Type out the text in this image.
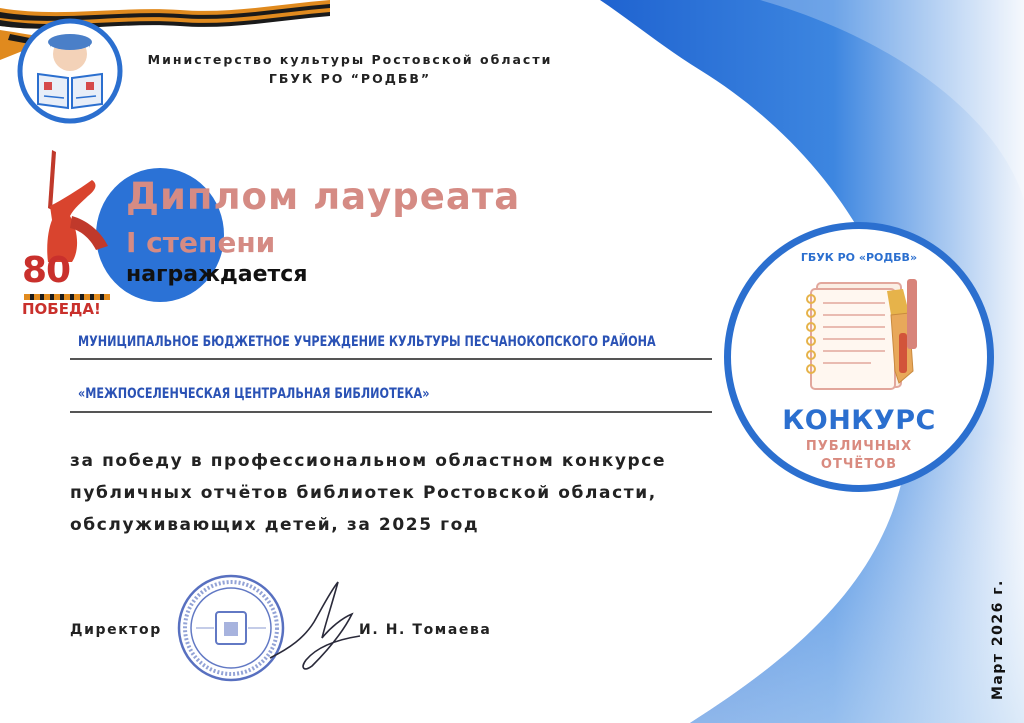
Министерство культуры Ростовской области
ГБУК РО “РОДБВ”
80
ПОБЕДА!
Диплом лауреата
I степени
награждается
МУНИЦИПАЛЬНОЕ БЮДЖЕТНОЕ УЧРЕЖДЕНИЕ КУЛЬТУРЫ ПЕСЧАНОКОПСКОГО РАЙОНА
«МЕЖПОСЕЛЕНЧЕСКАЯ ЦЕНТРАЛЬНАЯ БИБЛИОТЕКА»
за победу в профессиональном областном конкурсе
публичных отчётов библиотек Ростовской области,
обслуживающих детей, за 2025 год
Директор	И. Н. Томаева	Март 2026 г.
ГБУК РО «РОДБВ»
КОНКУРС
ПУБЛИЧНЫХ
ОТЧЁТОВ
